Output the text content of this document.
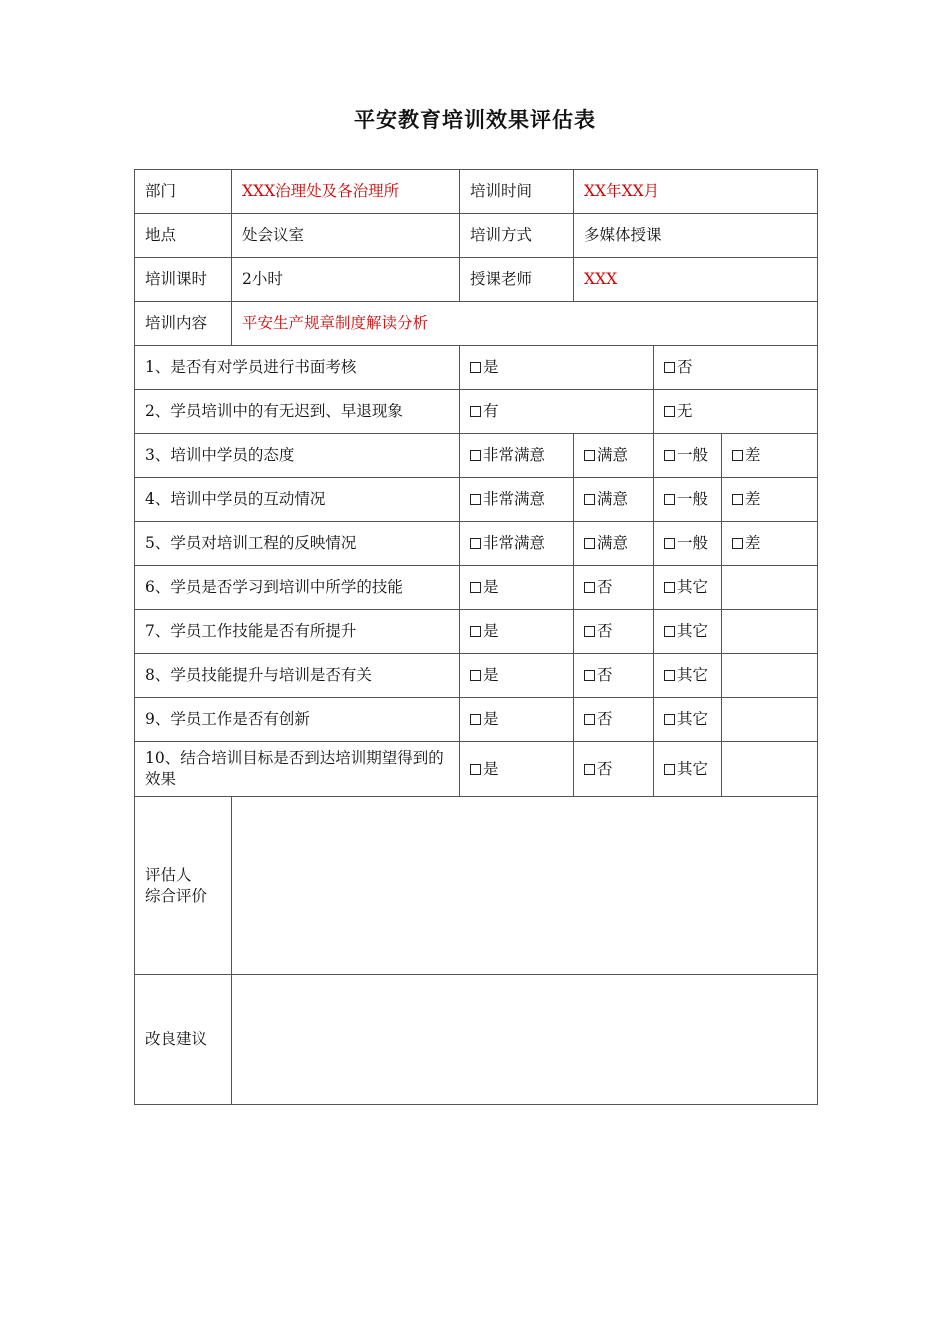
平安教育培训效果评估表
部门	XXX治理处及各治理所	培训时间	XX年XX月		
地点	处会议室	培训方式	多媒体授课		
培训课时	2小时	授课老师	XXX		
培训内容	平安生产规章制度解读分析				
1、是否有对学员进行书面考核		是		否	
2、学员培训中的有无迟到、早退现象		有		无	
3、培训中学员的态度		非常满意	满意	一般	差
4、培训中学员的互动情况		非常满意	满意	一般	差
5、学员对培训工程的反映情况		非常满意	满意	一般	差
6、学员是否学习到培训中所学的技能		是	否	其它	
7、学员工作技能是否有所提升		是	否	其它	
8、学员技能提升与培训是否有关		是	否	其它	
9、学员工作是否有创新		是	否	其它	
10、结合培训目标是否到达培训期望得到的效果		是	否	其它	
评估人
综合评价					
改良建议					
